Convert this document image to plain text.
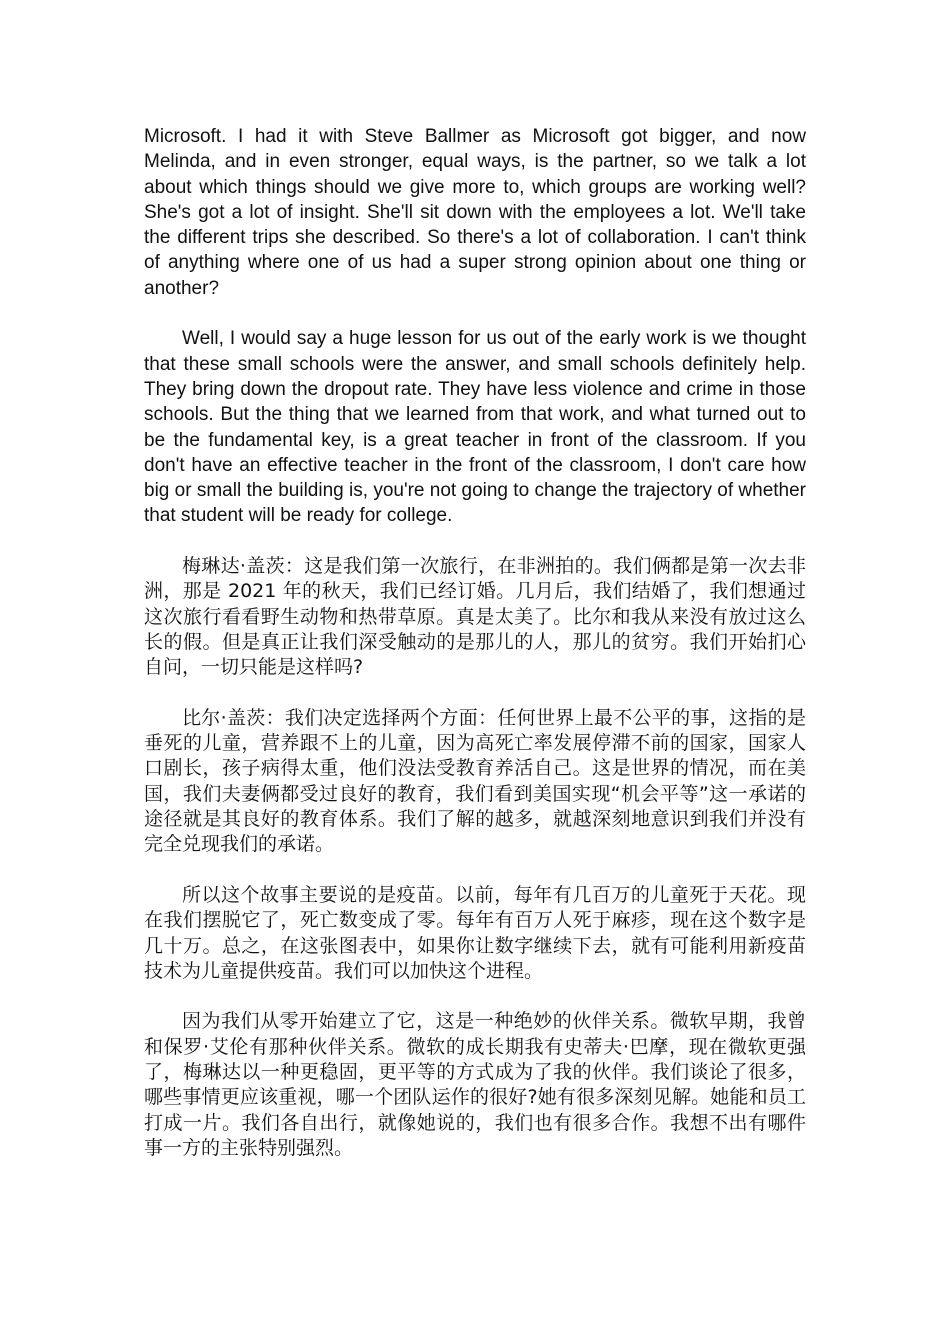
Microsoft. I had it with Steve Ballmer as Microsoft got bigger, and now Melinda, and in even stronger, equal ways, is the partner, so we talk a lot about which things should we give more to, which groups are working well? She's got a lot of insight. She'll sit down with the employees a lot. We'll take the different trips she described. So there's a lot of collaboration. I can't think of anything where one of us had a super strong opinion about one thing or another?

Well, I would say a huge lesson for us out of the early work is we thought that these small schools were the answer, and small schools definitely help. They bring down the dropout rate. They have less violence and crime in those schools. But the thing that we learned from that work, and what turned out to be the fundamental key, is a great teacher in front of the classroom. If you don't have an effective teacher in the front of the classroom, I don't care how big or small the building is, you're not going to change the trajectory of whether that student will be ready for college.

梅琳达·盖茨：这是我们第一次旅行，在非洲拍的。我们俩都是第一次去非洲，那是 2021 年的秋天，我们已经订婚。几月后，我们结婚了，我们想通过这次旅行看看野生动物和热带草原。真是太美了。比尔和我从来没有放过这么长的假。但是真正让我们深受触动的是那儿的人，那儿的贫穷。我们开始扪心自问，一切只能是这样吗?

比尔·盖茨：我们决定选择两个方面：任何世界上最不公平的事，这指的是垂死的儿童，营养跟不上的儿童，因为高死亡率发展停滞不前的国家，国家人口剧长，孩子病得太重，他们没法受教育养活自己。这是世界的情况，而在美国，我们夫妻俩都受过良好的教育，我们看到美国实现“机会平等”这一承诺的途径就是其良好的教育体系。我们了解的越多，就越深刻地意识到我们并没有完全兑现我们的承诺。

所以这个故事主要说的是疫苗。以前，每年有几百万的儿童死于天花。现在我们摆脱它了，死亡数变成了零。每年有百万人死于麻疹，现在这个数字是几十万。总之，在这张图表中，如果你让数字继续下去，就有可能利用新疫苗技术为儿童提供疫苗。我们可以加快这个进程。

因为我们从零开始建立了它，这是一种绝妙的伙伴关系。微软早期，我曾和保罗·艾伦有那种伙伴关系。微软的成长期我有史蒂夫·巴摩，现在微软更强了，梅琳达以一种更稳固，更平等的方式成为了我的伙伴。我们谈论了很多，哪些事情更应该重视，哪一个团队运作的很好?她有很多深刻见解。她能和员工打成一片。我们各自出行，就像她说的，我们也有很多合作。我想不出有哪件事一方的主张特别强烈。
